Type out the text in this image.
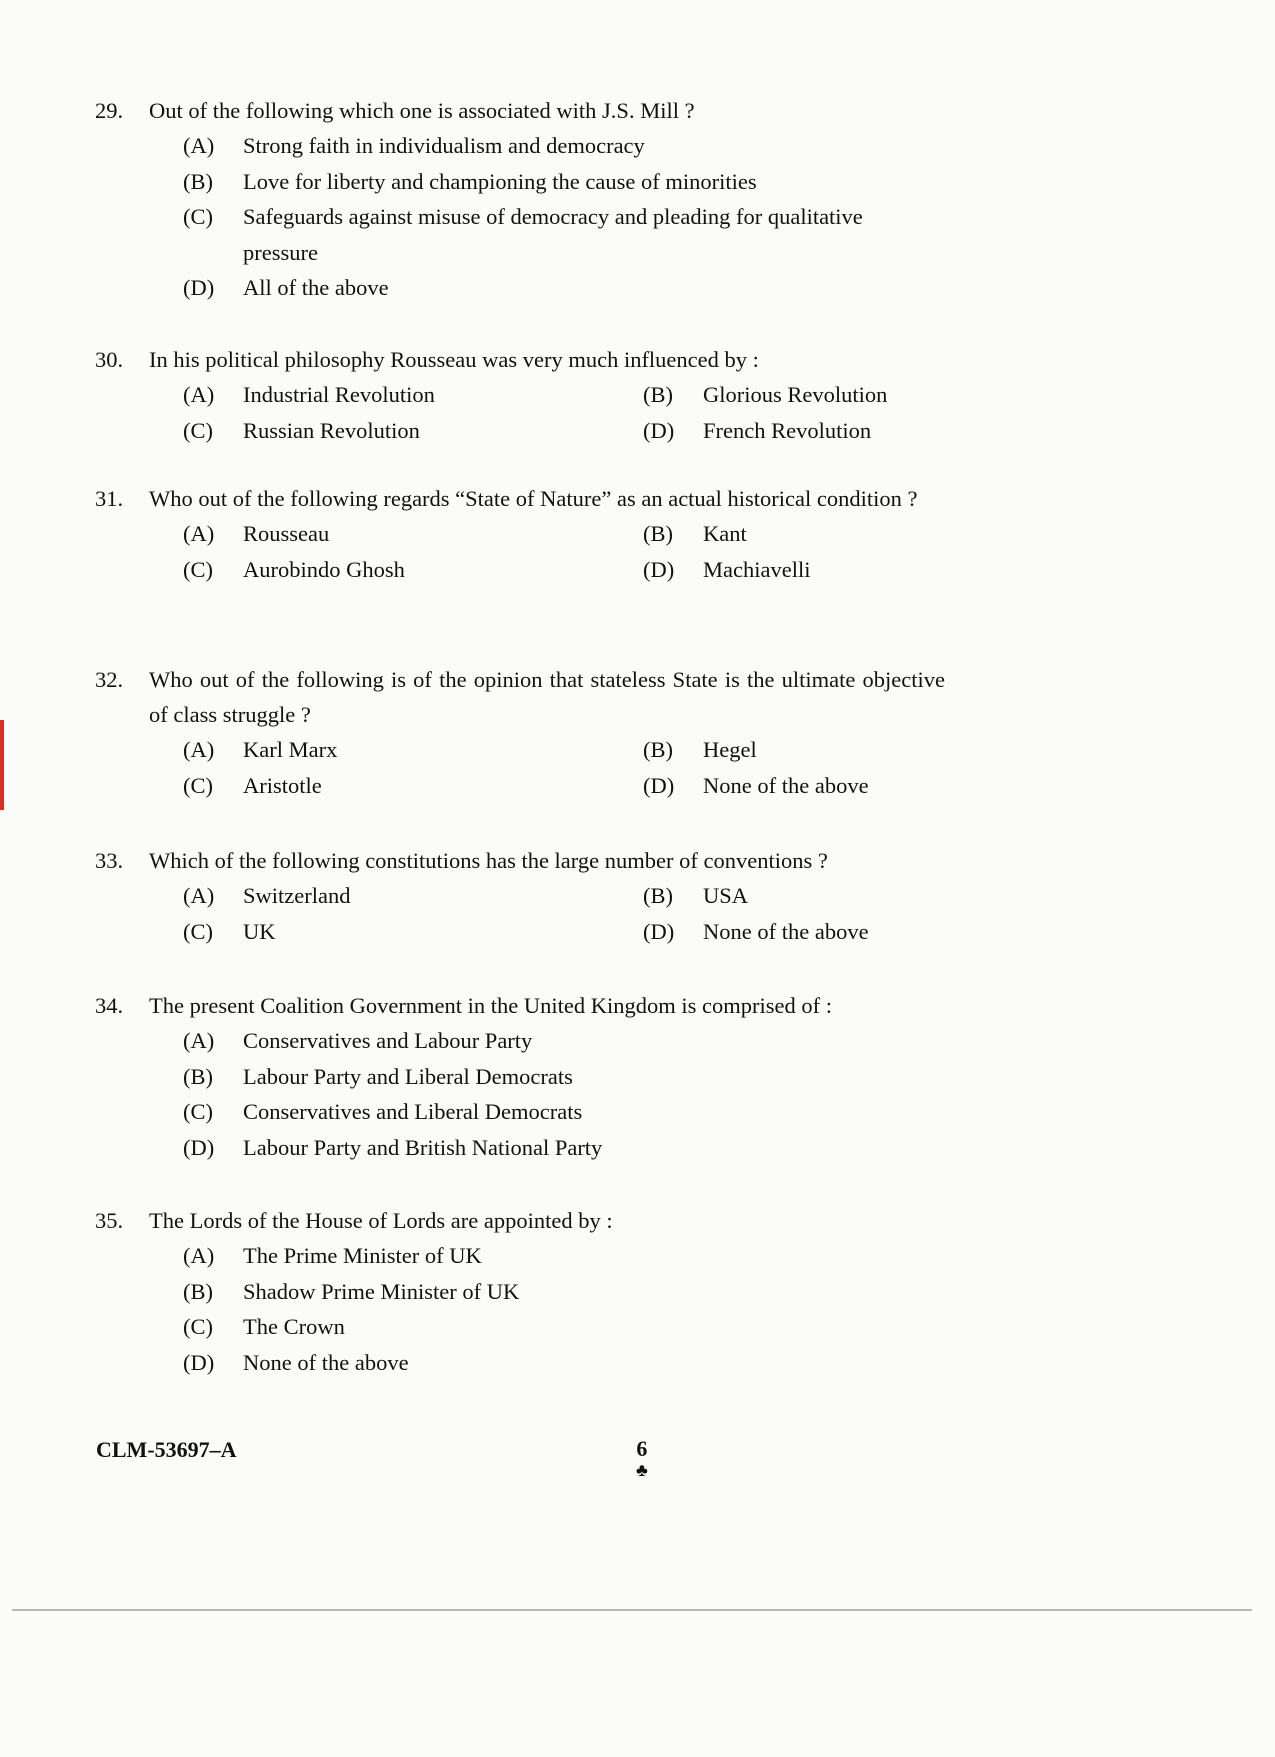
29.	Out of the following which one is associated with J.S. Mill ?
(A)	Strong faith in individualism and democracy
(B)	Love for liberty and championing the cause of minorities
(C)	Safeguards against misuse of democracy and pleading for qualitative pressure
(D)	All of the above
30.	In his political philosophy Rousseau was very much influenced by :
(A)	Industrial Revolution	(B)	Glorious Revolution
(C)	Russian Revolution	(D)	French Revolution
31.	Who out of the following regards “State of Nature” as an actual historical condition ?
(A)	Rousseau	(B)	Kant
(C)	Aurobindo Ghosh	(D)	Machiavelli
32.	Who out of the following is of the opinion that stateless State is the ultimate objective of class struggle ?
(A)	Karl Marx	(B)	Hegel
(C)	Aristotle	(D)	None of the above
33.	Which of the following constitutions has the large number of conventions ?
(A)	Switzerland	(B)	USA
(C)	UK	(D)	None of the above
34.	The present Coalition Government in the United Kingdom is comprised of :
(A)	Conservatives and Labour Party
(B)	Labour Party and Liberal Democrats
(C)	Conservatives and Liberal Democrats
(D)	Labour Party and British National Party
35.	The Lords of the House of Lords are appointed by :
(A)	The Prime Minister of UK
(B)	Shadow Prime Minister of UK
(C)	The Crown
(D)	None of the above
CLM-53697–A	6
♣
